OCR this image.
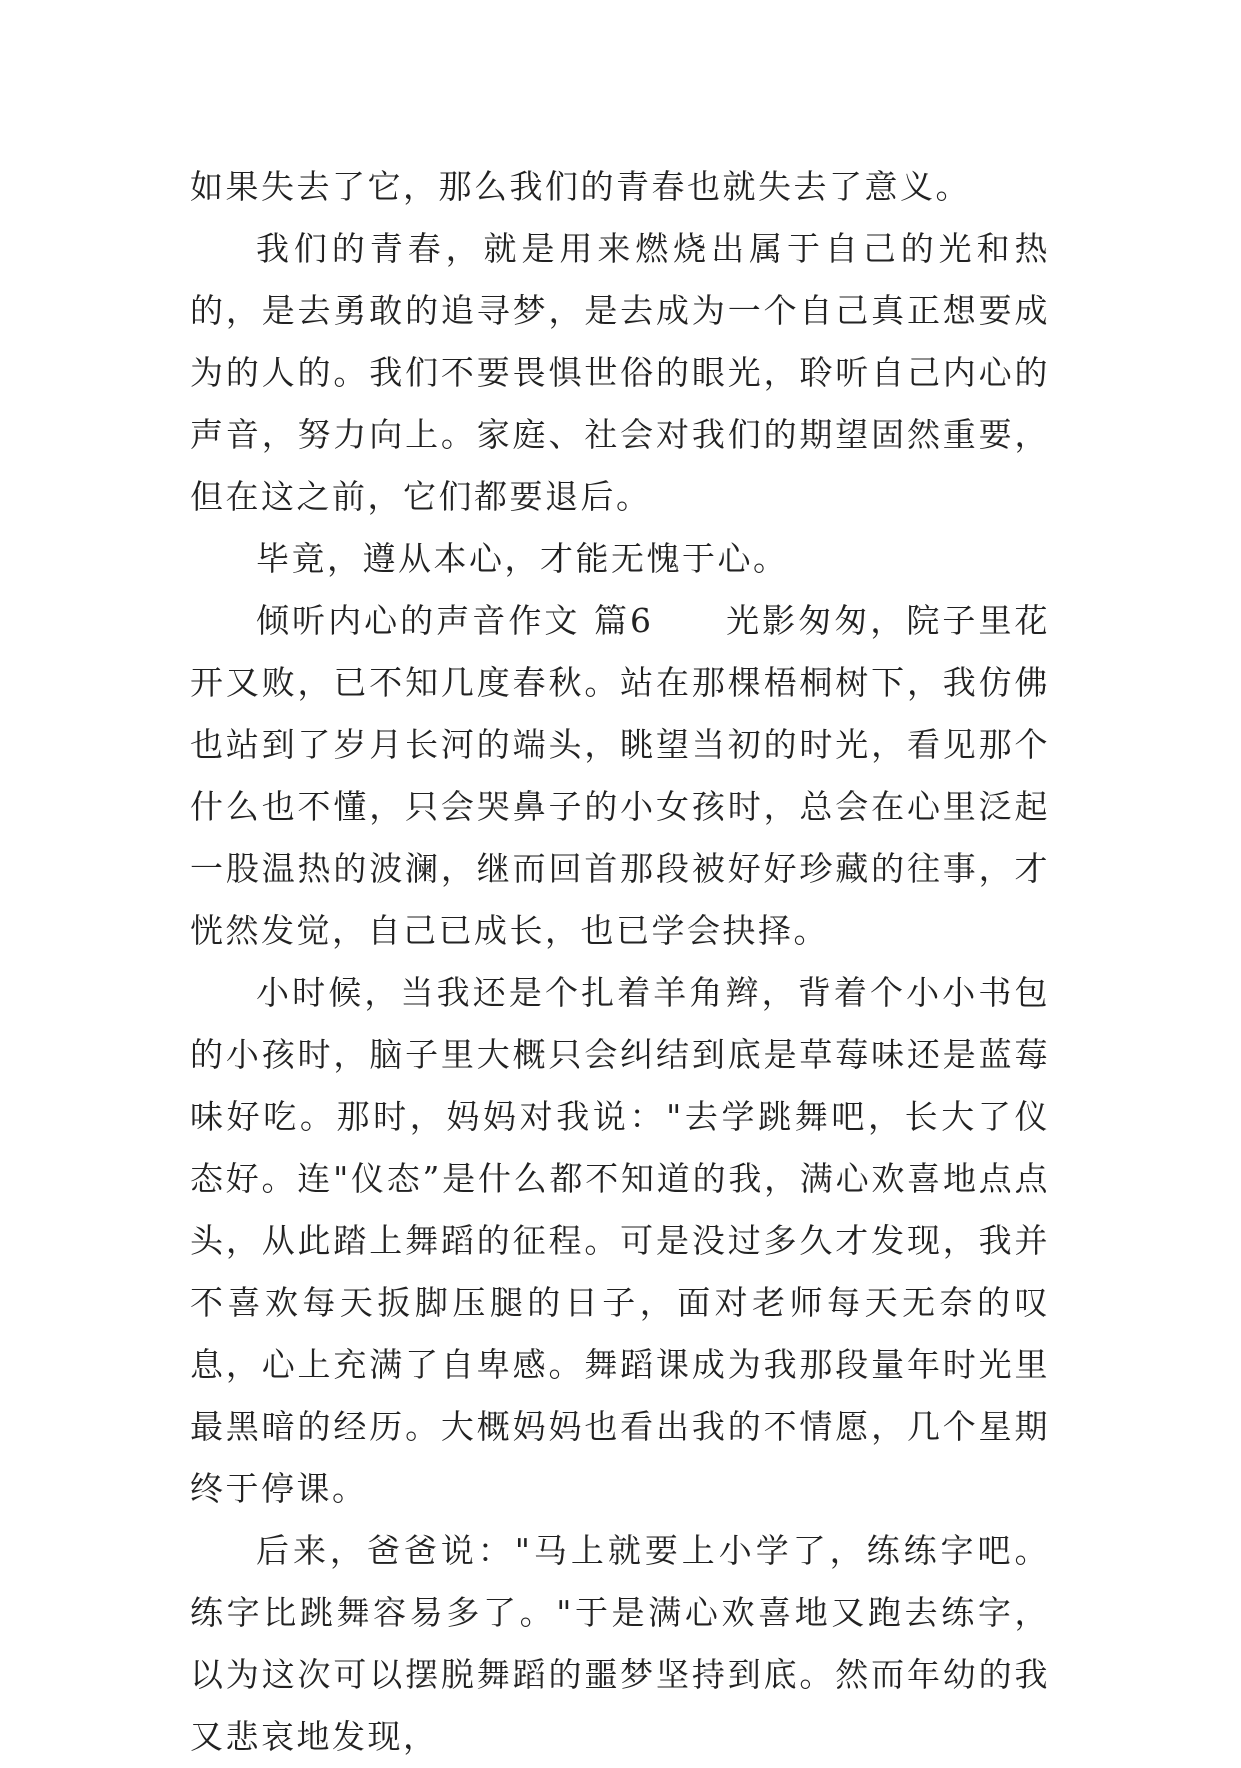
如果失去了它，那么我们的青春也就失去了意义。

我们的青春，就是用来燃烧出属于自己的光和热的，是去勇敢的追寻梦，是去成为一个自己真正想要成为的人的。我们不要畏惧世俗的眼光，聆听自己内心的声音，努力向上。家庭、社会对我们的期望固然重要，但在这之前，它们都要退后。

毕竟，遵从本心，才能无愧于心。

倾听内心的声音作文 篇6　　光影匆匆，院子里花开又败，已不知几度春秋。站在那棵梧桐树下，我仿佛也站到了岁月长河的端头，眺望当初的时光，看见那个什么也不懂，只会哭鼻子的小女孩时，总会在心里泛起一股温热的波澜，继而回首那段被好好珍藏的往事，才恍然发觉，自己已成长，也已学会抉择。

小时候，当我还是个扎着羊角辫，背着个小小书包的小孩时，脑子里大概只会纠结到底是草莓味还是蓝莓味好吃。那时，妈妈对我说："去学跳舞吧，长大了仪态好。连"仪态”是什么都不知道的我，满心欢喜地点点头，从此踏上舞蹈的征程。可是没过多久才发现，我并不喜欢每天扳脚压腿的日子，面对老师每天无奈的叹息，心上充满了自卑感。舞蹈课成为我那段量年时光里最黑暗的经历。大概妈妈也看出我的不情愿，几个星期终于停课。

后来，爸爸说："马上就要上小学了，练练字吧。练字比跳舞容易多了。"于是满心欢喜地又跑去练字，以为这次可以摆脱舞蹈的噩梦坚持到底。然而年幼的我又悲哀地发现，
